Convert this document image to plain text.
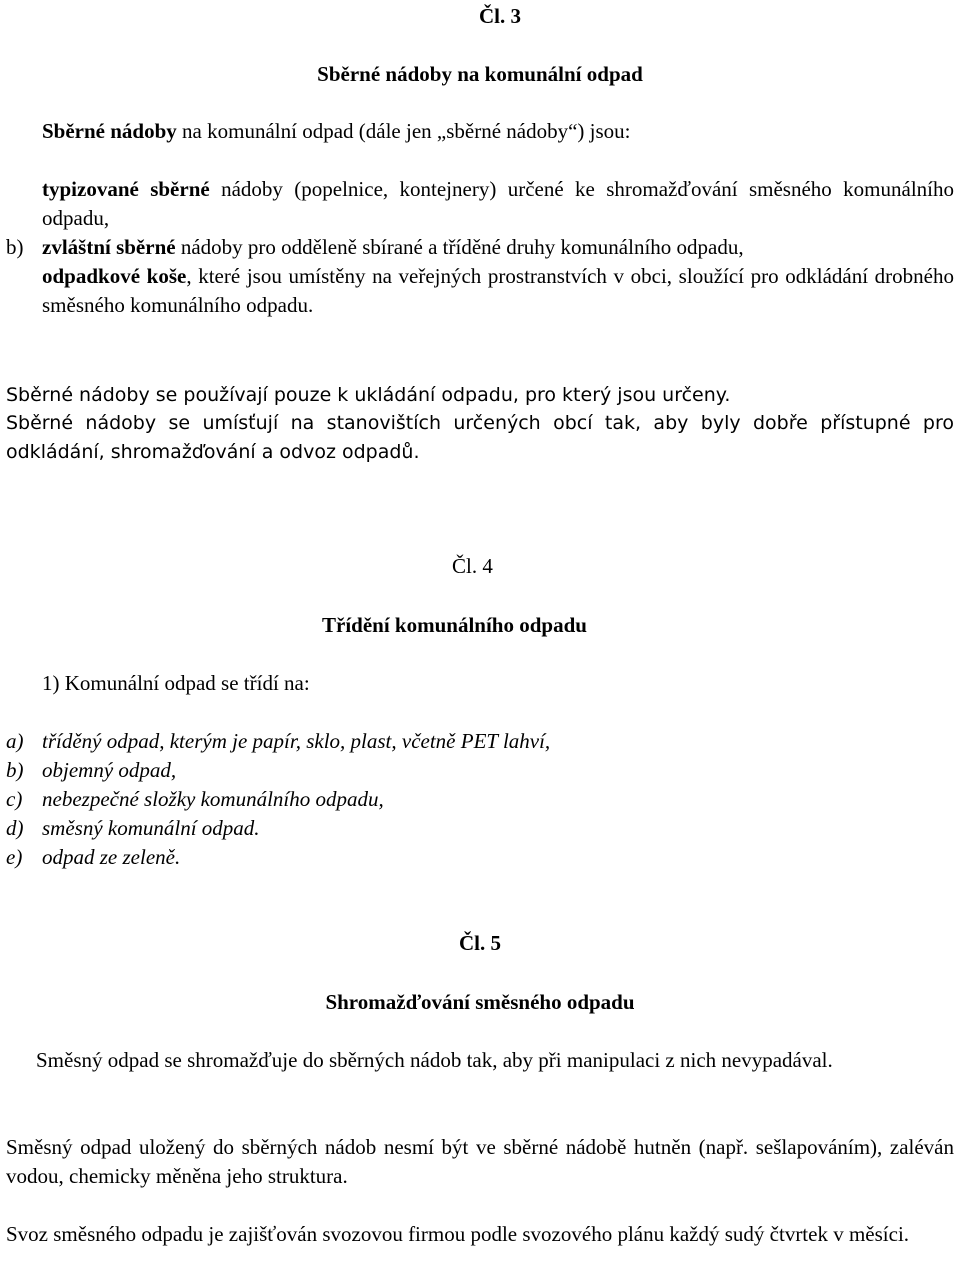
Čl. 3
Sběrné nádoby na komunální odpad
Sběrné nádoby na komunální odpad (dále jen „sběrné nádoby“) jsou:
typizované sběrné nádoby (popelnice, kontejnery) určené ke shromažďování směsného komunálního odpadu,
b) zvláštní sběrné nádoby pro odděleně sbírané a tříděné druhy komunálního odpadu,
odpadkové koše, které jsou umístěny na veřejných prostranstvích v obci, sloužící pro odkládání drobného směsného komunálního odpadu.
Sběrné nádoby se používají pouze k ukládání odpadu, pro který jsou určeny.
Sběrné nádoby se umísťují na stanovištích určených obcí tak, aby byly dobře přístupné pro odkládání, shromažďování a odvoz odpadů.
Čl. 4
Třídění komunálního odpadu
1) Komunální odpad se třídí na:
a) tříděný odpad, kterým je papír, sklo, plast, včetně PET lahví,
b) objemný odpad,
c) nebezpečné složky komunálního odpadu,
d) směsný komunální odpad.
e) odpad ze zeleně.
Čl. 5
Shromažďování směsného odpadu
Směsný odpad se shromažďuje do sběrných nádob tak, aby při manipulaci z nich nevypadával.
Směsný odpad uložený do sběrných nádob nesmí být ve sběrné nádobě hutněn (např. sešlapováním), zaléván vodou, chemicky měněna jeho struktura.
Svoz směsného odpadu je zajišťován svozovou firmou podle svozového plánu každý sudý čtvrtek v měsíci.
